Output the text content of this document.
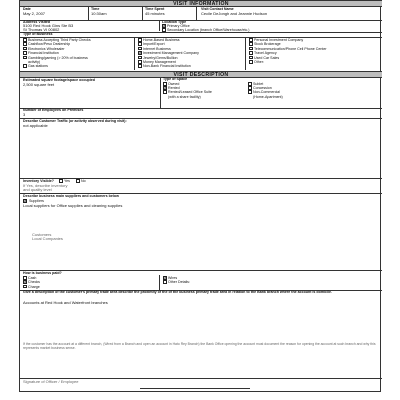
VISIT INFORMATION
Date
May 2, 2007
Time
10:30am
Time Spent
45 minutes
Visit Contact Name
Cecile DeJongh and Jeannie Hudson
Address Visited
5100 Red Hook Gins Ste B3
St Thomas VI 00802
Location Type
X Primary Office
Secondary Location (branch Office/Warehouse/etc.)
Type of Business
Business Accepting Third Party Checks
Cashflow/Peso Dealership
Electronics Wholesaler
Financial Institution
Gambling/gaming (> 20% of business
activity)
Gas stations
Home-Based Business
Import/Export
Internet Business
X Investment Management Company
Jewelry/Gems/Bullion
Money Management
Non-Bank Financial Institution
Personal Investment Company
Stock Brokerage
Telecommunication/Phone Cell Phone Center
Travel Agency
Used Car Sales
Other:
VISIT DESCRIPTION
Estimated square footage/space occupied
2,500 square feet
Type of Space
Owned
X Rented
Rented/Leased Office Suite
(with a share facility)
Sublet
Concession
Non-Commercial
(Home-Apartment)
Number of Employees on Premises
3
Describe Customer Traffic (or activity observed during visit):
not applicable
Inventory Visible?	Yes	No
If Yes, describe inventory
and quality level
Describe business main suppliers and customers below
X Suppliers
Local suppliers for Office supplies and cleaning supplies
Customers
Local Companies
How is business paid?
Cash
X Checks
Charge
X Wires
Other Details:
Give a description of the customer's primary trade area describe the proximity of the of the business primary trade area in relation to the Bank branch where the account is domicile.
Accounts at Red Hook and Waterfront branches
If the customer has the account at a different branch, (Wired from a Branch and open an account in Hato Rey Branch) the Bank Office opening the account must document the reason for opening the account at such branch and why this represents market business sense.
Signature of Officer / Employee
